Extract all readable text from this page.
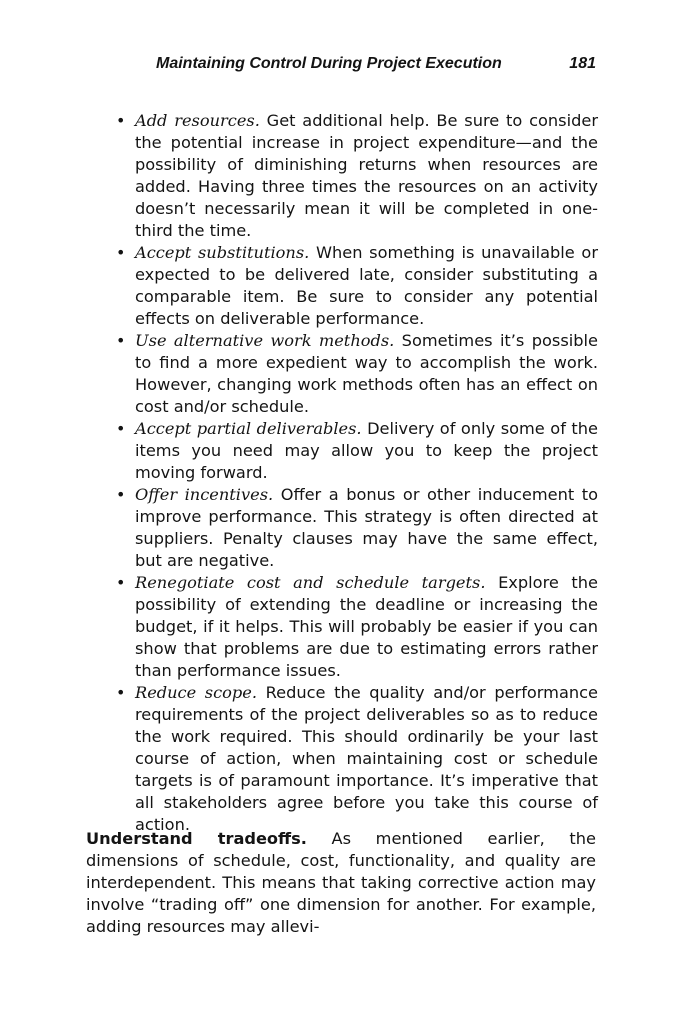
Maintaining Control During Project Execution	181
• Add resources. Get additional help. Be sure to consider the potential increase in project expenditure—and the possibility of diminishing returns when resources are added. Having three times the resources on an activity doesn’t necessarily mean it will be completed in one-third the time.
• Accept substitutions. When something is unavailable or expected to be delivered late, consider substituting a comparable item. Be sure to consider any potential effects on deliverable performance.
• Use alternative work methods. Sometimes it’s possible to find a more expedient way to accomplish the work. However, changing work methods often has an effect on cost and/or schedule.
• Accept partial deliverables. Delivery of only some of the items you need may allow you to keep the project moving forward.
• Offer incentives. Offer a bonus or other inducement to improve performance. This strategy is often directed at suppliers. Penalty clauses may have the same effect, but are negative.
• Renegotiate cost and schedule targets. Explore the possibility of extending the deadline or increasing the budget, if it helps. This will probably be easier if you can show that problems are due to estimating errors rather than performance issues.
• Reduce scope. Reduce the quality and/or performance requirements of the project deliverables so as to reduce the work required. This should ordinarily be your last course of action, when maintaining cost or schedule targets is of paramount importance. It’s imperative that all stakeholders agree before you take this course of action.

Understand tradeoffs. As mentioned earlier, the dimensions of schedule, cost, functionality, and quality are interdependent. This means that taking corrective action may involve “trading off” one dimension for another. For example, adding resources may allevi-
